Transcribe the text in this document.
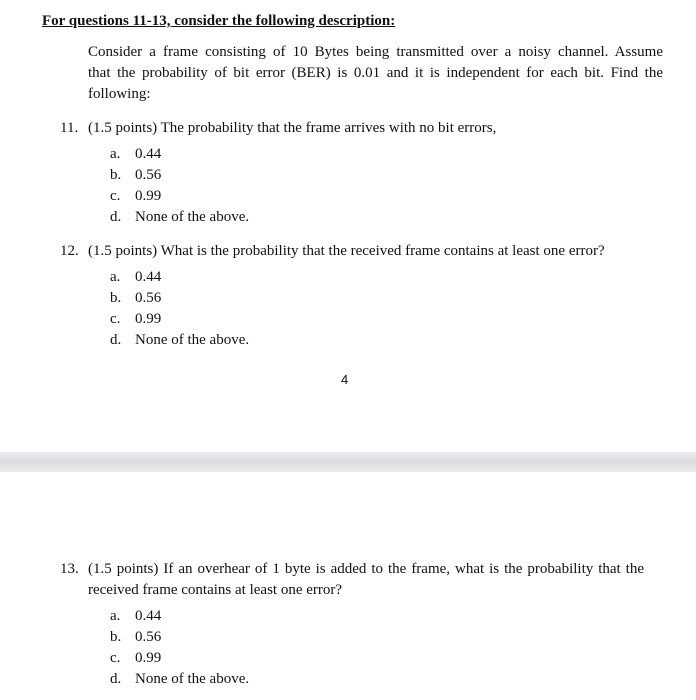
For questions 11-13, consider the following description:
Consider a frame consisting of 10 Bytes being transmitted over a noisy channel. Assume
that the probability of bit error (BER) is 0.01 and it is independent for each bit. Find the
following:
11. (1.5 points) The probability that the frame arrives with no bit errors,
a. 0.44
b. 0.56
c. 0.99
d. None of the above.
12. (1.5 points) What is the probability that the received frame contains at least one error?
a. 0.44
b. 0.56
c. 0.99
d. None of the above.
4
13. (1.5 points) If an overhear of 1 byte is added to the frame, what is the probability that the
received frame contains at least one error?
a. 0.44
b. 0.56
c. 0.99
d. None of the above.
